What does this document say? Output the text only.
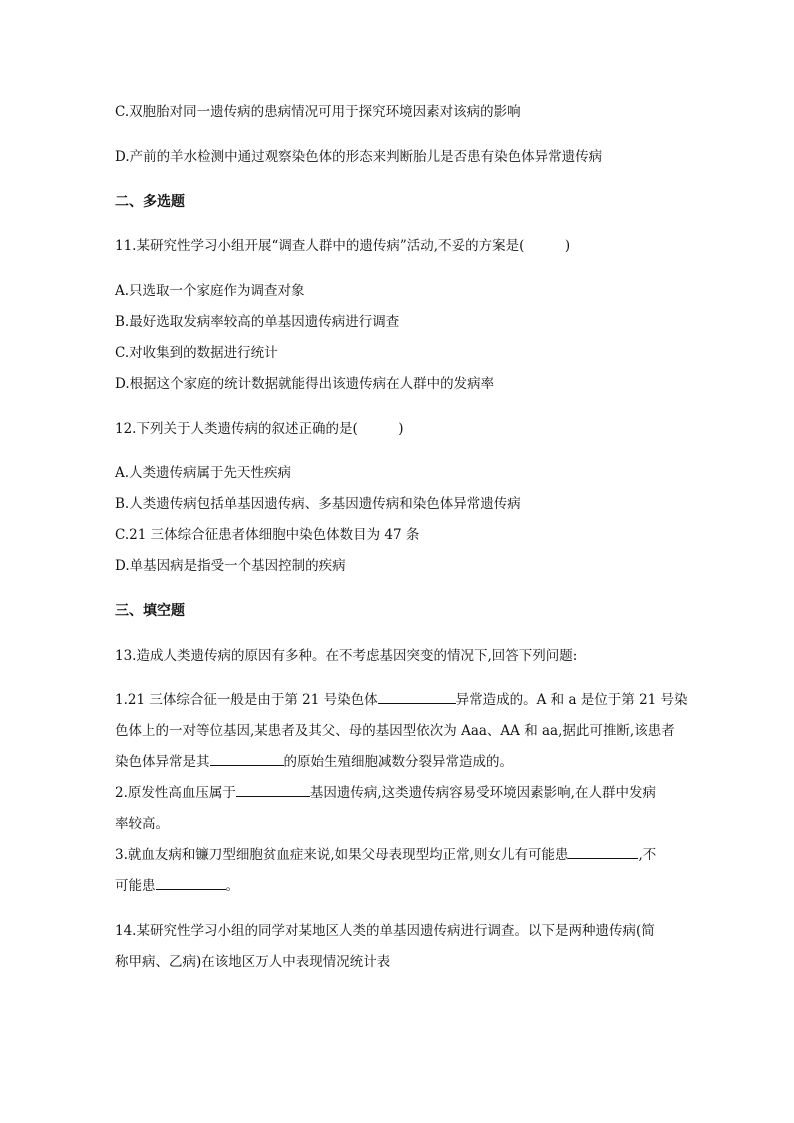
C.双胞胎对同一遗传病的患病情况可用于探究环境因素对该病的影响
D.产前的羊水检测中通过观察染色体的形态来判断胎儿是否患有染色体异常遗传病
二、多选题
11.某研究性学习小组开展“调查人群中的遗传病”活动,不妥的方案是(　　　)
A.只选取一个家庭作为调查对象
B.最好选取发病率较高的单基因遗传病进行调查
C.对收集到的数据进行统计
D.根据这个家庭的统计数据就能得出该遗传病在人群中的发病率
12.下列关于人类遗传病的叙述正确的是(　　　)
A.人类遗传病属于先天性疾病
B.人类遗传病包括单基因遗传病、多基因遗传病和染色体异常遗传病
C.21 三体综合征患者体细胞中染色体数目为 47 条
D.单基因病是指受一个基因控制的疾病
三、填空题
13.造成人类遗传病的原因有多种。在不考虑基因突变的情况下,回答下列问题:
1.21 三体综合征一般是由于第 21 号染色体	异常造成的。A 和 a 是位于第 21 号染
色体上的一对等位基因,某患者及其父、母的基因型依次为 Aaa、AA 和 aa,据此可推断,该患者
染色体异常是其	的原始生殖细胞减数分裂异常造成的。
2.原发性高血压属于	基因遗传病,这类遗传病容易受环境因素影响,在人群中发病
率较高。
3.就血友病和镰刀型细胞贫血症来说,如果父母表现型均正常,则女儿有可能患	,不
可能患	。
14.某研究性学习小组的同学对某地区人类的单基因遗传病进行调查。以下是两种遗传病(简
称甲病、乙病)在该地区万人中表现情况统计表
